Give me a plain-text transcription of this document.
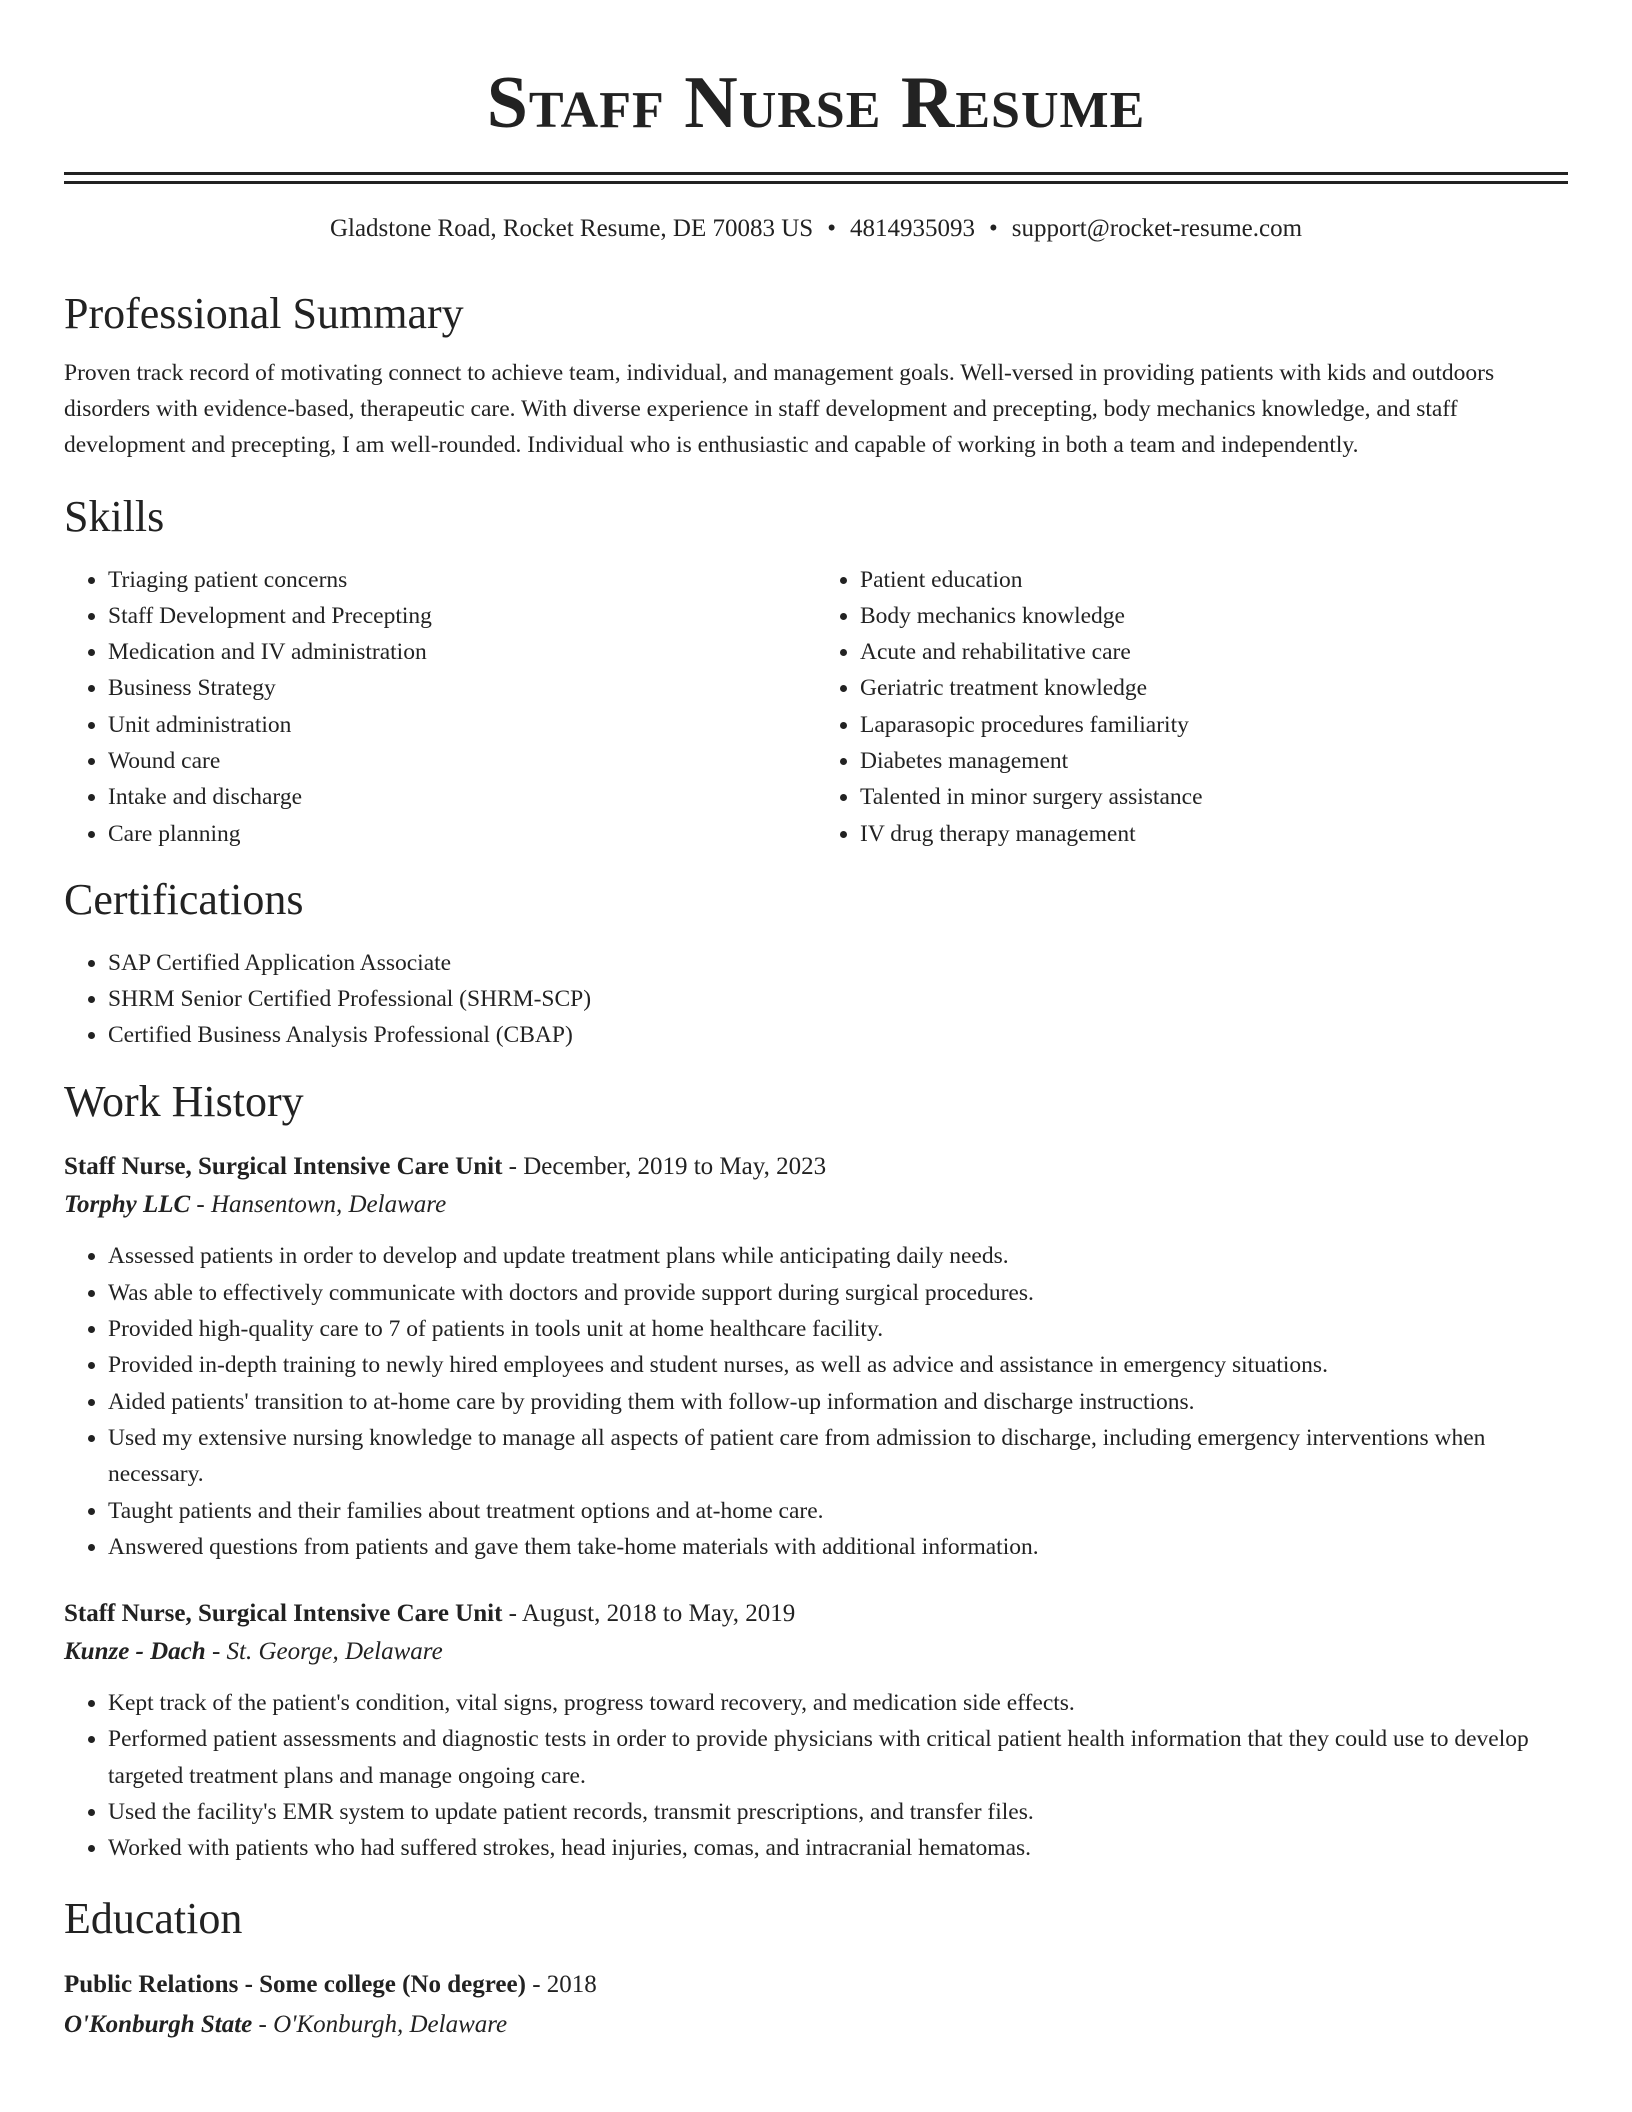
Staff Nurse Resume
Gladstone Road, Rocket Resume, DE 70083 US • 4814935093 • support@rocket-resume.com
Professional Summary

Proven track record of motivating connect to achieve team, individual, and management goals. Well-versed in providing patients with kids and outdoors disorders with evidence-based, therapeutic care. With diverse experience in staff development and precepting, body mechanics knowledge, and staff development and precepting, I am well-rounded. Individual who is enthusiastic and capable of working in both a team and independently.

Skills
• Triaging patient concerns
• Staff Development and Precepting
• Medication and IV administration
• Business Strategy
• Unit administration
• Wound care
• Intake and discharge
• Care planning
• Patient education
• Body mechanics knowledge
• Acute and rehabilitative care
• Geriatric treatment knowledge
• Laparasopic procedures familiarity
• Diabetes management
• Talented in minor surgery assistance
• IV drug therapy management
Certifications
• SAP Certified Application Associate
• SHRM Senior Certified Professional (SHRM-SCP)
• Certified Business Analysis Professional (CBAP)
Work History
Staff Nurse, Surgical Intensive Care Unit - December, 2019 to May, 2023
Torphy LLC - Hansentown, Delaware
• Assessed patients in order to develop and update treatment plans while anticipating daily needs.
• Was able to effectively communicate with doctors and provide support during surgical procedures.
• Provided high-quality care to 7 of patients in tools unit at home healthcare facility.
• Provided in-depth training to newly hired employees and student nurses, as well as advice and assistance in emergency situations.
• Aided patients' transition to at-home care by providing them with follow-up information and discharge instructions.
• Used my extensive nursing knowledge to manage all aspects of patient care from admission to discharge, including emergency interventions when necessary.
• Taught patients and their families about treatment options and at-home care.
• Answered questions from patients and gave them take-home materials with additional information.
Staff Nurse, Surgical Intensive Care Unit - August, 2018 to May, 2019
Kunze - Dach - St. George, Delaware
• Kept track of the patient's condition, vital signs, progress toward recovery, and medication side effects.
• Performed patient assessments and diagnostic tests in order to provide physicians with critical patient health information that they could use to develop targeted treatment plans and manage ongoing care.
• Used the facility's EMR system to update patient records, transmit prescriptions, and transfer files.
• Worked with patients who had suffered strokes, head injuries, comas, and intracranial hematomas.
Education
Public Relations - Some college (No degree) - 2018
O'Konburgh State - O'Konburgh, Delaware
